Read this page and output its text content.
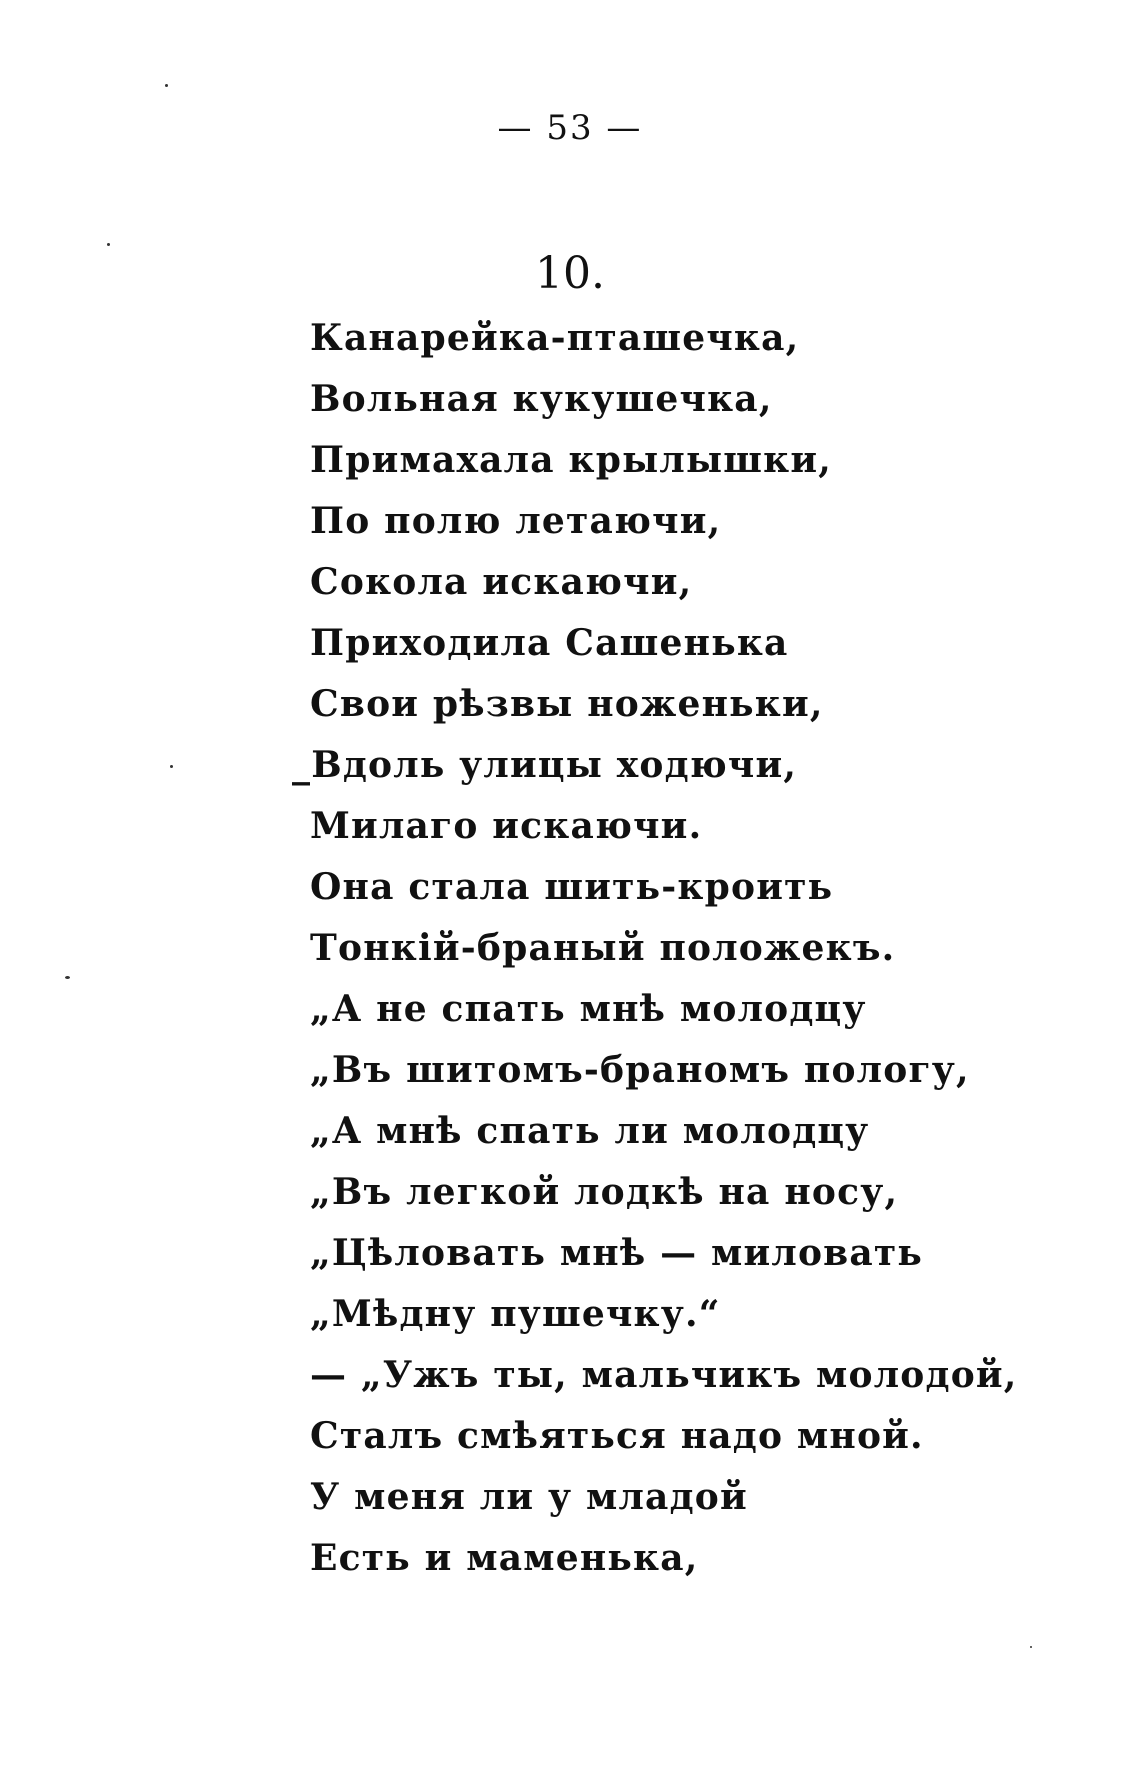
— 53 —
10.
Канарейка-пташечка,
Вольная кукушечка,
Примахала крылышки,
По полю летаючи,
Сокола искаючи,
Приходила Сашенька
Свои рѣзвы ноженьки,
_Вдоль улицы ходючи,
Милаго искаючи.
Она стала шить-кроить
Тонкій-браный положекъ.
„А не спать мнѣ молодцу
„Въ шитомъ-браномъ пологу,
„А мнѣ спать ли молодцу
„Въ легкой лодкѣ на носу,
„Цѣловать мнѣ — миловать
„Мѣдну пушечку.“
— „Ужъ ты, мальчикъ молодой,
Сталъ смѣяться надо мной.
У меня ли у младой
Есть и маменька,
